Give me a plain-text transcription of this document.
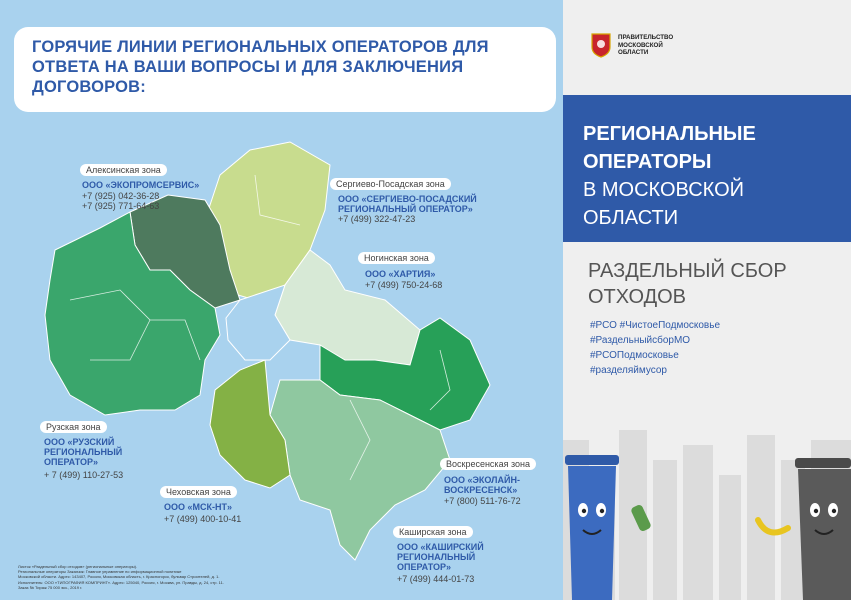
ГОРЯЧИЕ ЛИНИИ РЕГИОНАЛЬНЫХ ОПЕРАТОРОВ ДЛЯ ОТВЕТА НА ВАШИ ВОПРОСЫ И ДЛЯ ЗАКЛЮЧЕНИЯ ДОГОВОРОВ:
Алексинская зона
ООО «ЭКОПРОМСЕРВИС»
+7 (925) 042-36-28
+7 (925) 771-64-63
Сергиево-Посадская зона
ООО «СЕРГИЕВО-ПОСАДСКИЙ
РЕГИОНАЛЬНЫЙ ОПЕРАТОР»
+7 (499) 322-47-23
Ногинская зона
ООО «ХАРТИЯ»
+7 (499) 750-24-68
Рузская зона
ООО «РУЗСКИЙ
РЕГИОНАЛЬНЫЙ
ОПЕРАТОР»
+ 7 (499) 110-27-53
Чеховская зона
ООО «МСК-НТ»
+7 (499) 400-10-41
Воскресенская зона
ООО «ЭКОЛАЙН-
ВОСКРЕСЕНСК»
+7 (800) 511-76-72
Каширская зона
ООО «КАШИРСКИЙ
РЕГИОНАЛЬНЫЙ
ОПЕРАТОР»
+7 (499) 444-01-73
Листок «Раздельный сбор отходов» (региональные операторы).
Региональные операторы Заказчик: Главное управление по информационной политике
Московской области. Адрес: 143407, Россия, Московская область, г. Красногорск, бульвар Строителей, д. 1.
Исполнитель: ООО «ТИПОГРАФИЯ КОМПРИНТ». Адрес: 125040, Россия, г. Москва, ул. Правды, д. 24, стр. 11.
Заказ № Тираж 75 000 экз., 2019 г.
ПРАВИТЕЛЬСТВО
МОСКОВСКОЙ
ОБЛАСТИ
РЕГИОНАЛЬНЫЕ ОПЕРАТОРЫ
В МОСКОВСКОЙ ОБЛАСТИ
РАЗДЕЛЬНЫЙ СБОР ОТХОДОВ
#РСО #ЧистоеПодмосковье
#РаздельныйсборМО
#РСОПодмосковье
#разделяймусор
